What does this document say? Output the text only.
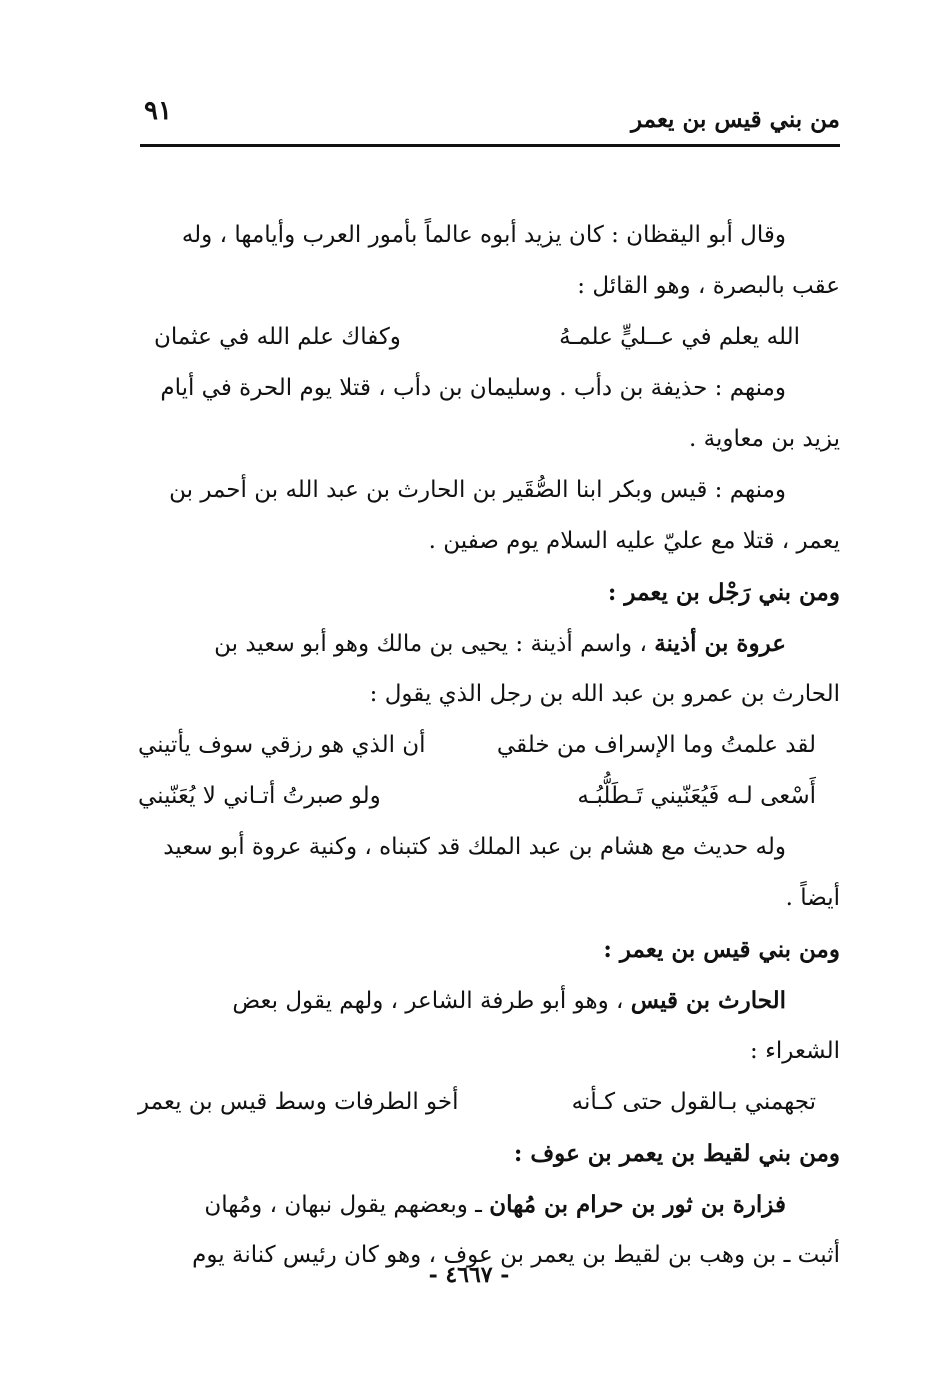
من بني قيس بن يعمر
٩١
وقال أبو اليقظان : كان يزيد أبوه عالماً بأمور العرب وأيامها ، وله
عقب بالبصرة ، وهو القائل :
الله يعلم في عــليٍّ علمـهُ
وكفاك علم الله في عثمان
ومنهم : حذيفة بن دأب . وسليمان بن دأب ، قتلا يوم الحرة في أيام
يزيد بن معاوية .
ومنهم : قيس وبكر ابنا الصُّقَير بن الحارث بن عبد الله بن أحمر بن
يعمر ، قتلا مع عليّ عليه السلام يوم صفين .
ومن بني رَجْل بن يعمر :
عروة بن أذينة ، واسم أذينة : يحيى بن مالك وهو أبو سعيد بن
الحارث بن عمرو بن عبد الله بن رجل الذي يقول :
لقد علمتُ وما الإسراف من خلقي
أن الذي هو رزقي سوف يأتيني
أَسْعى لـه فَيُعَنّيني تَـطَلُّبُـه
ولو صبرتُ أتـاني لا يُعَنّيني
وله حديث مع هشام بن عبد الملك قد كتبناه ، وكنية عروة أبو سعيد
أيضاً .
ومن بني قيس بن يعمر :
الحارث بن قيس ، وهو أبو طرفة الشاعر ، ولهم يقول بعض
الشعراء :
تجهمني بـالقول حتى كـأنه
أخو الطرفات وسط قيس بن يعمر
ومن بني لقيط بن يعمر بن عوف :
فزارة بن ثور بن حرام بن مُهان ـ وبعضهم يقول نبهان ، ومُهان
أثبت ـ بن وهب بن لقيط بن يعمر بن عوف ، وهو كان رئيس كنانة يوم
- ٤٦٦٧ -
